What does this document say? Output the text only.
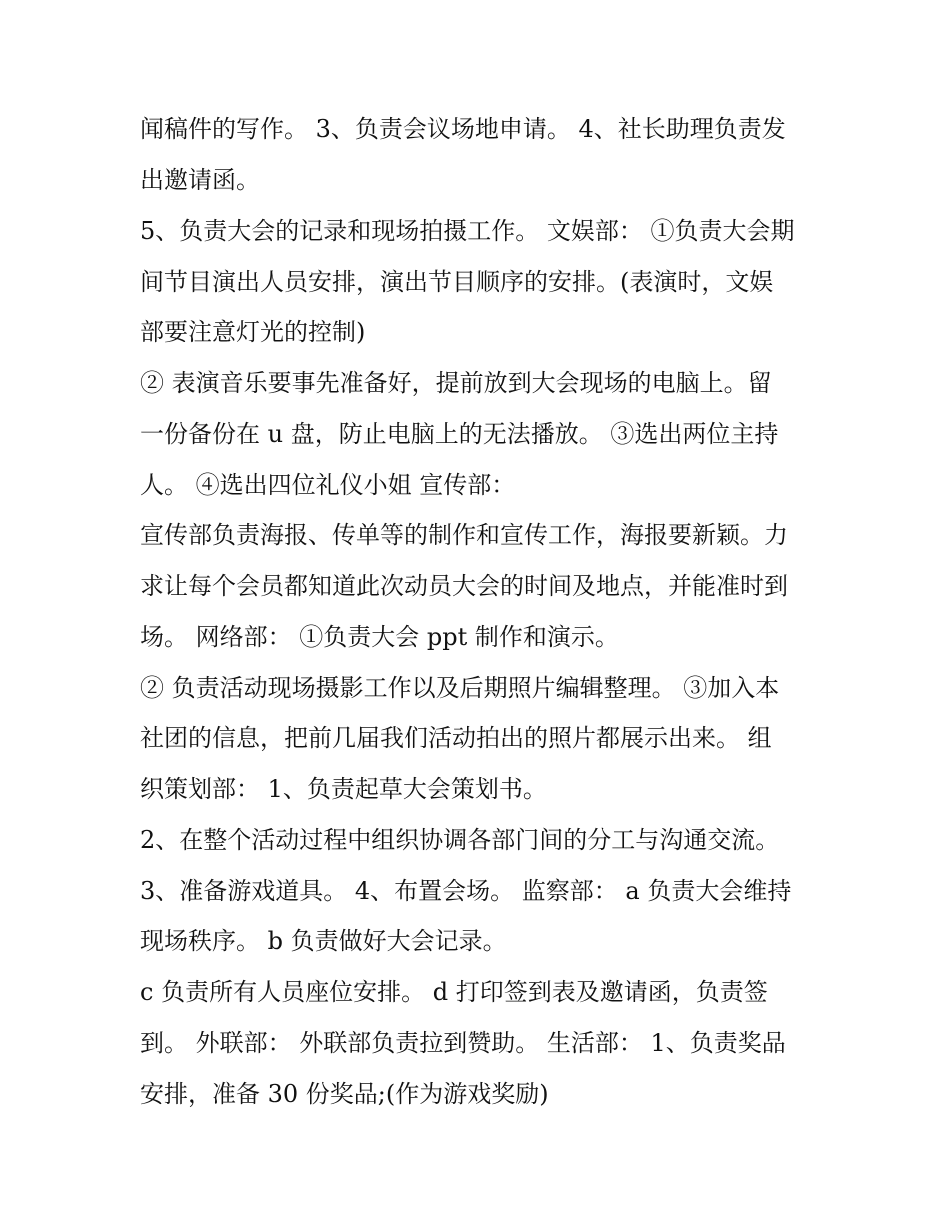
闻稿件的写作。 3、负责会议场地申请。 4、社长助理负责发
出邀请函。
5、负责大会的记录和现场拍摄工作。 文娱部： ①负责大会期
间节目演出人员安排，演出节目顺序的安排。(表演时，文娱
部要注意灯光的控制)
② 表演音乐要事先准备好，提前放到大会现场的电脑上。留
一份备份在 u 盘，防止电脑上的无法播放。 ③选出两位主持
人。 ④选出四位礼仪小姐 宣传部：
宣传部负责海报、传单等的制作和宣传工作，海报要新颖。力
求让每个会员都知道此次动员大会的时间及地点，并能准时到
场。 网络部： ①负责大会 ppt 制作和演示。
② 负责活动现场摄影工作以及后期照片编辑整理。 ③加入本
社团的信息，把前几届我们活动拍出的照片都展示出来。 组
织策划部： 1、负责起草大会策划书。
2、在整个活动过程中组织协调各部门间的分工与沟通交流。
3、准备游戏道具。 4、布置会场。 监察部： a 负责大会维持
现场秩序。 b 负责做好大会记录。
c 负责所有人员座位安排。 d 打印签到表及邀请函，负责签
到。 外联部： 外联部负责拉到赞助。 生活部： 1、负责奖品
安排，准备 30 份奖品;(作为游戏奖励)
